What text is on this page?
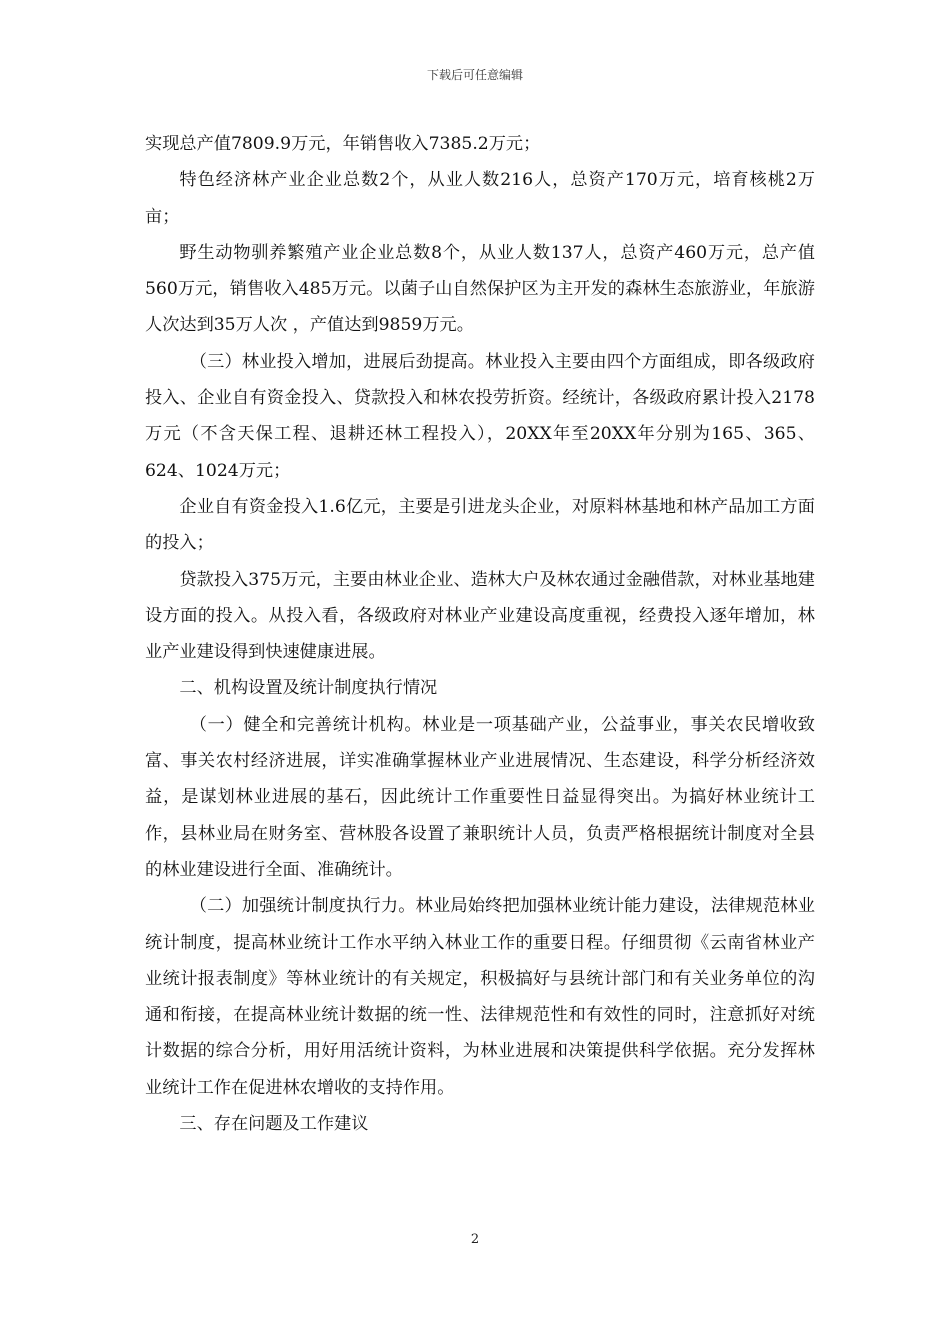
下载后可任意编辑

实现总产值7809.9万元，年销售收入7385.2万元；

特色经济林产业企业总数2个，从业人数216人，总资产170万元，培育核桃2万亩；

野生动物驯养繁殖产业企业总数8个，从业人数137人，总资产460万元，总产值560万元，销售收入485万元。以菌子山自然保护区为主开发的森林生态旅游业，年旅游人次达到35万人次 ，产值达到9859万元。

（三）林业投入增加，进展后劲提高。林业投入主要由四个方面组成，即各级政府投入、企业自有资金投入、贷款投入和林农投劳折资。经统计，各级政府累计投入2178万元（不含天保工程、退耕还林工程投入），20XX年至20XX年分别为165、365、624、1024万元；

企业自有资金投入1.6亿元，主要是引进龙头企业，对原料林基地和林产品加工方面的投入；

贷款投入375万元，主要由林业企业、造林大户及林农通过金融借款，对林业基地建设方面的投入。从投入看，各级政府对林业产业建设高度重视，经费投入逐年增加，林业产业建设得到快速健康进展。

二、机构设置及统计制度执行情况

（一）健全和完善统计机构。林业是一项基础产业，公益事业，事关农民增收致富、事关农村经济进展，详实准确掌握林业产业进展情况、生态建设，科学分析经济效益，是谋划林业进展的基石，因此统计工作重要性日益显得突出。为搞好林业统计工作，县林业局在财务室、营林股各设置了兼职统计人员，负责严格根据统计制度对全县的林业建设进行全面、准确统计。

（二）加强统计制度执行力。林业局始终把加强林业统计能力建设，法律规范林业统计制度，提高林业统计工作水平纳入林业工作的重要日程。仔细贯彻《云南省林业产业统计报表制度》等林业统计的有关规定，积极搞好与县统计部门和有关业务单位的沟通和衔接，在提高林业统计数据的统一性、法律规范性和有效性的同时，注意抓好对统计数据的综合分析，用好用活统计资料，为林业进展和决策提供科学依据。充分发挥林业统计工作在促进林农增收的支持作用。

三、存在问题及工作建议

2
